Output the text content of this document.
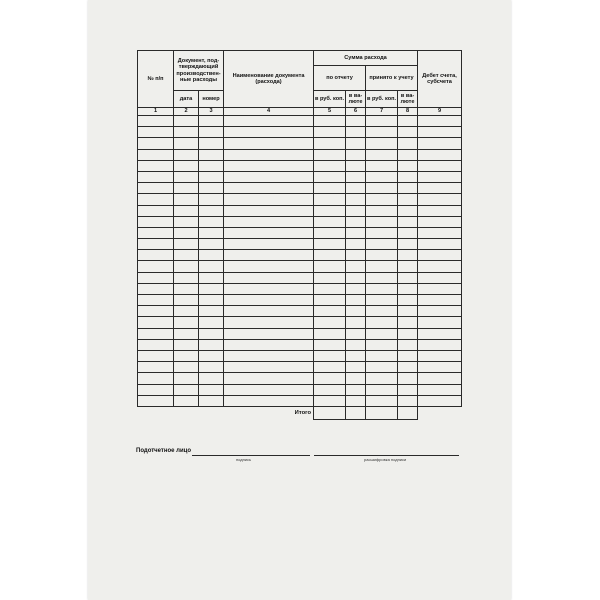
№ п/п	Документ, под-тверждающий производствен-ные расходы		Наименование документа (расхода)	Сумма расхода				Дебет счета, субсчета

				по отчету		принято к учету		
	дата	номер		в руб. коп.	в ва-люте	в руб. коп.	в ва-люте	
1	2	3	4	5	6	7	8	9

Итого								
Подотчетное лицо
подпись	расшифровка подписи
